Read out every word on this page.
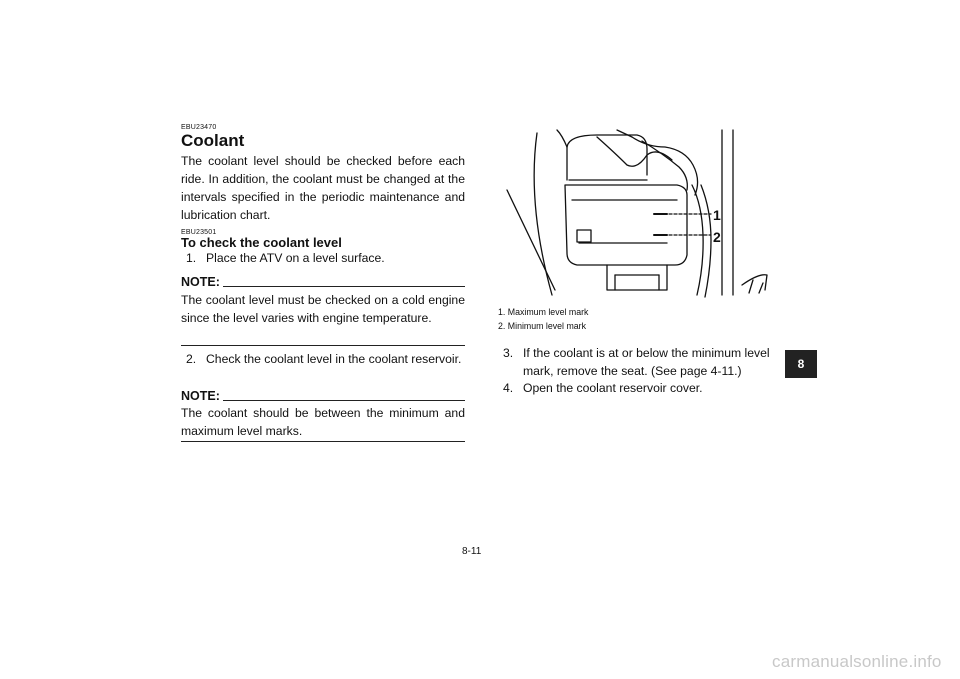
EBU23470
Coolant
The coolant level should be checked before each ride. In addition, the coolant must be changed at the intervals specified in the periodic maintenance and lubrication chart.
EBU23501
To check the coolant level
1. Place the ATV on a level surface.
NOTE:
The coolant level must be checked on a cold engine since the level varies with engine temperature.
2. Check the coolant level in the coolant reservoir.
NOTE:
The coolant should be between the minimum and maximum level marks.
1
2
1. Maximum level mark
2. Minimum level mark
3. If the coolant is at or below the minimum level mark, remove the seat. (See page 4-11.)
4. Open the coolant reservoir cover.
8
8-11
carmanualsonline.info
